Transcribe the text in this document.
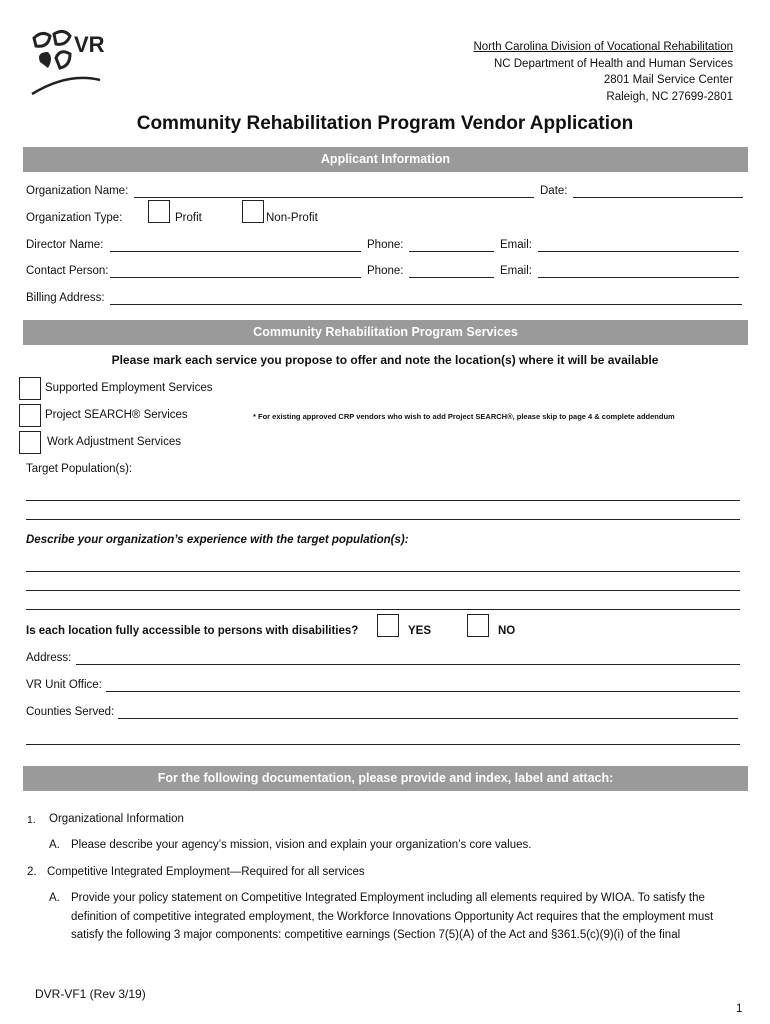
VR	North Carolina Division of Vocational Rehabilitation
NC Department of Health and Human Services
2801 Mail Service Center
Raleigh, NC 27699-2801
Community Rehabilitation Program Vendor Application
Applicant Information
Organization Name:	Date:
Organization Type:	Profit	Non-Profit
Director Name:	Phone:	Email:
Contact Person:	Phone:	Email:
Billing Address:
Community Rehabilitation Program Services
Please mark each service you propose to offer and note the location(s) where it will be available
Supported Employment Services
Project SEARCH® Services	* For existing approved CRP vendors who wish to add Project SEARCH®, please skip to page 4 & complete addendum
Work Adjustment Services
Target Population(s):
Describe your organization’s experience with the target population(s):
Is each location fully accessible to persons with disabilities?	YES	NO
Address:
VR Unit Office:
Counties Served:
For the following documentation, please provide and index, label and attach:
1. Organizational Information
A. Please describe your agency’s mission, vision and explain your organization’s core values.
2. Competitive Integrated Employment—Required for all services
A. Provide your policy statement on Competitive Integrated Employment including all elements required by WIOA. To satisfy the definition of competitive integrated employment, the Workforce Innovations Opportunity Act requires that the employment must satisfy the following 3 major components: competitive earnings (Section 7(5)(A) of the Act and §361.5(c)(9)(i) of the final
DVR-VF1 (Rev 3/19)
1
